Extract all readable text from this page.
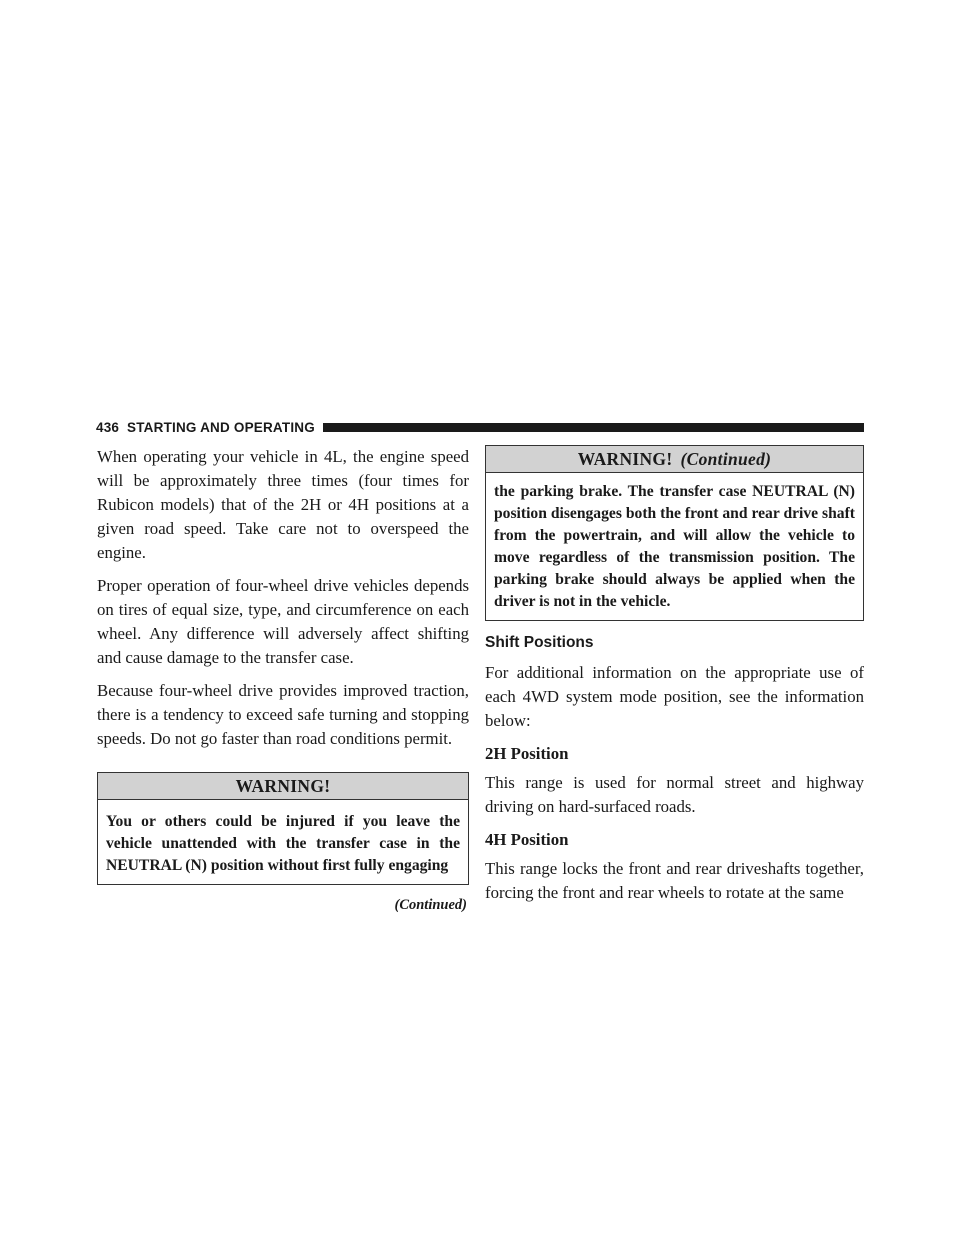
436 STARTING AND OPERATING

When operating your vehicle in 4L, the engine speed will be approximately three times (four times for Rubicon models) that of the 2H or 4H positions at a given road speed. Take care not to overspeed the engine.

Proper operation of four-wheel drive vehicles depends on tires of equal size, type, and circumference on each wheel. Any difference will adversely affect shifting and cause damage to the transfer case.

Because four-wheel drive provides improved traction, there is a tendency to exceed safe turning and stopping speeds. Do not go faster than road conditions permit.

WARNING!
You or others could be injured if you leave the vehicle unattended with the transfer case in the NEUTRAL (N) position without first fully engaging
(Continued)
WARNING! (Continued)
the parking brake. The transfer case NEUTRAL (N) position disengages both the front and rear drive shaft from the powertrain, and will allow the vehicle to move regardless of the transmission position. The parking brake should always be applied when the driver is not in the vehicle.
Shift Positions

For additional information on the appropriate use of each 4WD system mode position, see the information below:

2H Position

This range is used for normal street and highway driving on hard-surfaced roads.

4H Position

This range locks the front and rear driveshafts together, forcing the front and rear wheels to rotate at the same
